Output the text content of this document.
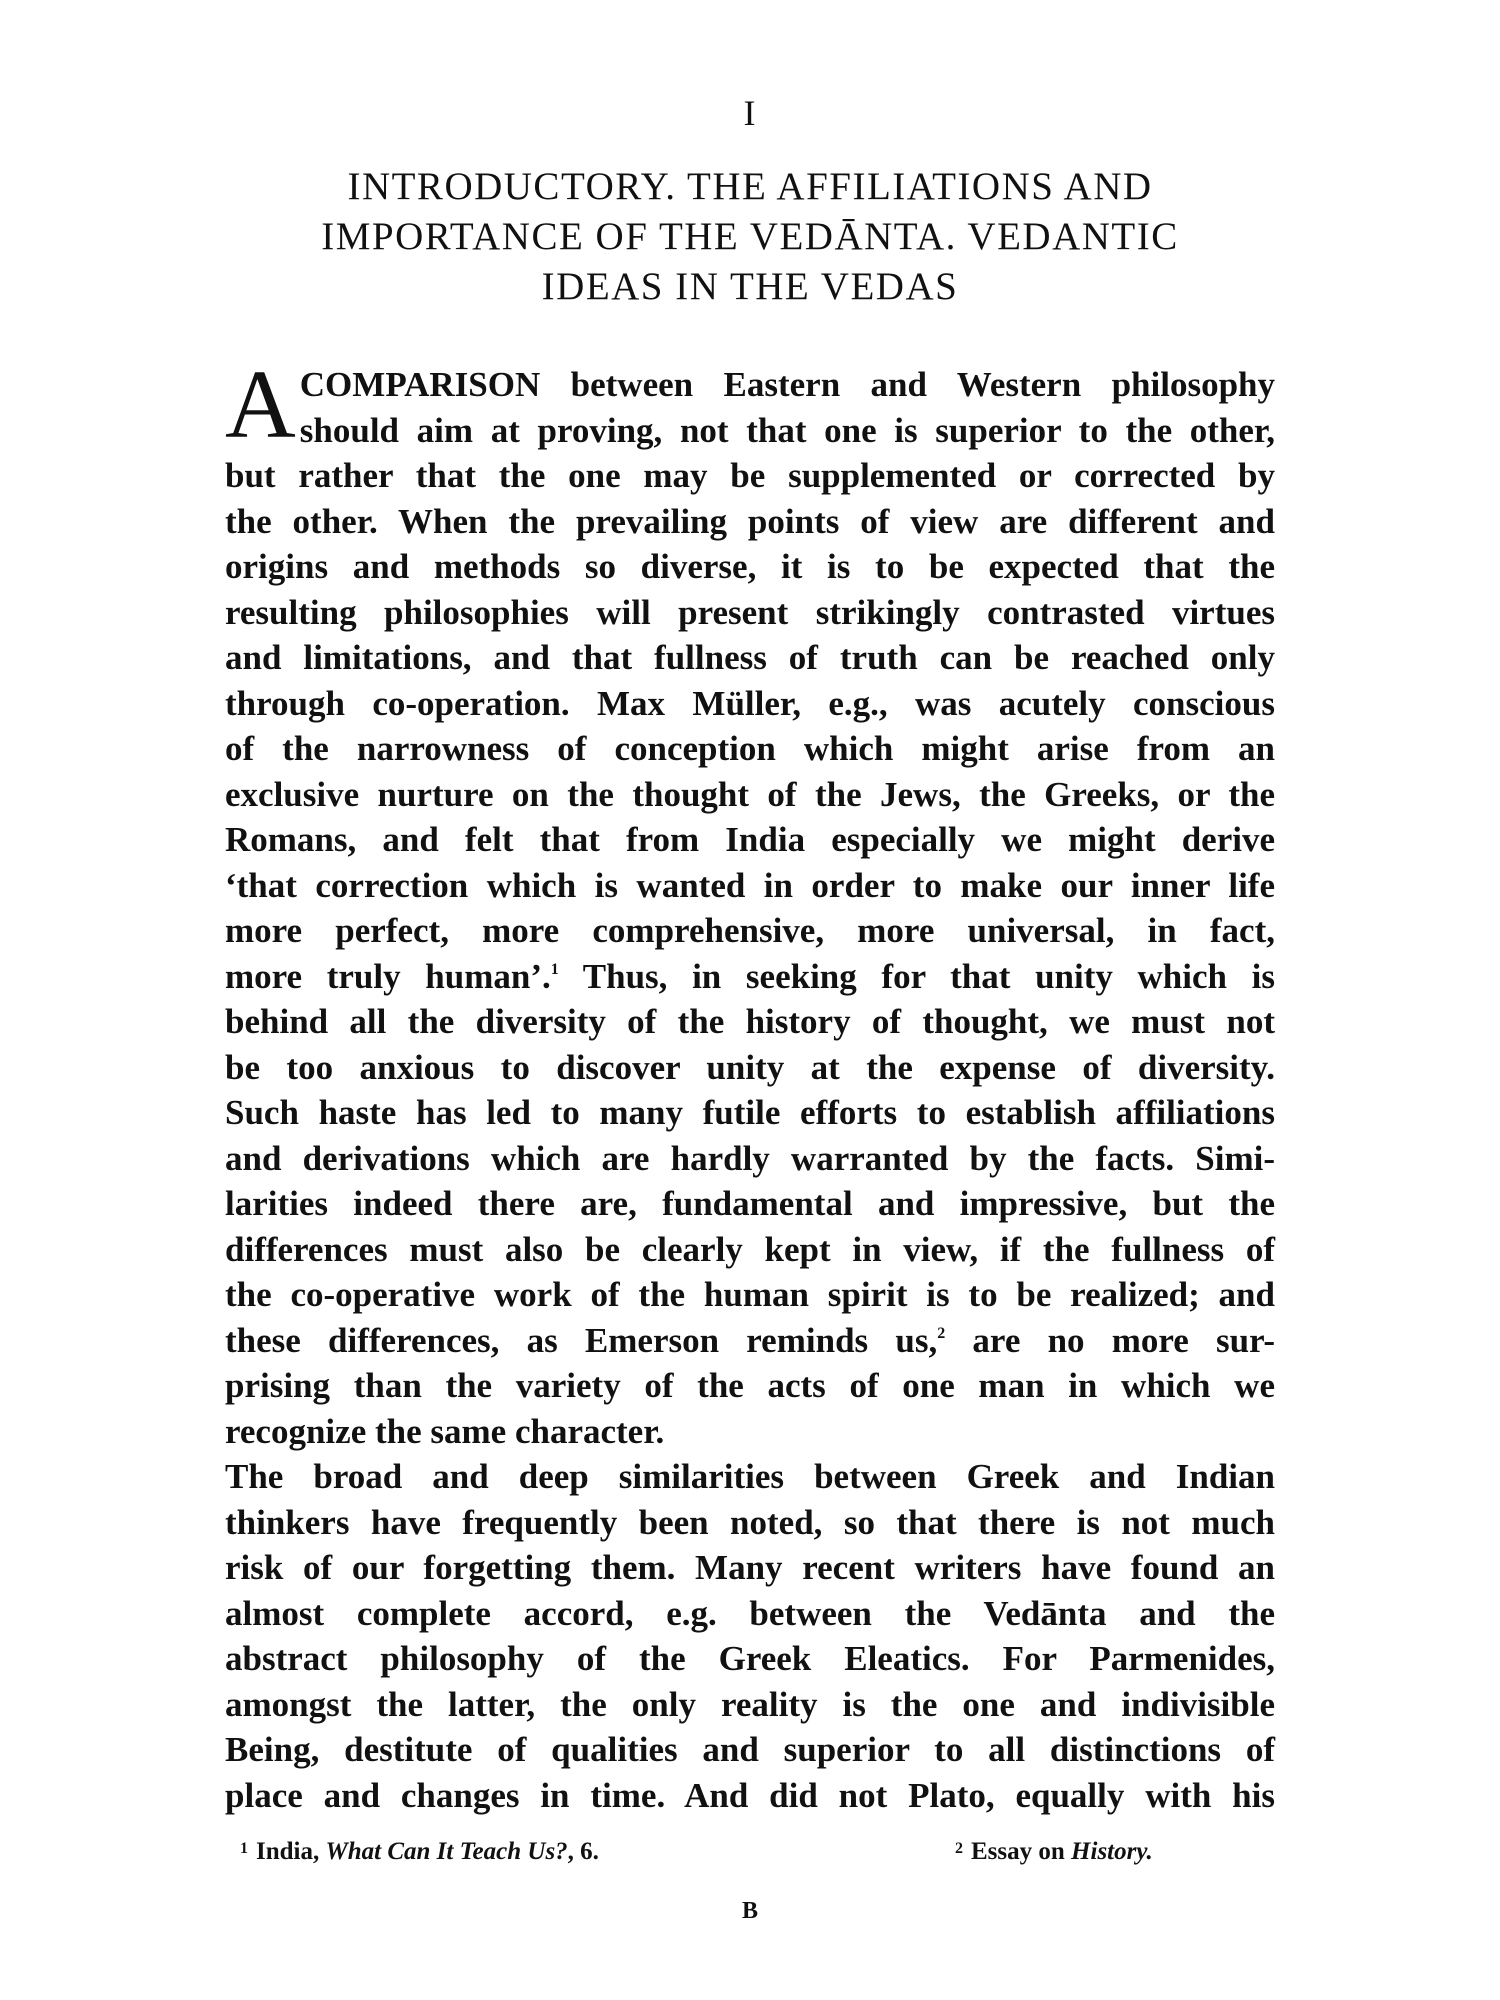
I
INTRODUCTORY. THE AFFILIATIONS AND
IMPORTANCE OF THE VEDĀNTA. VEDANTIC
IDEAS IN THE VEDAS
A COMPARISON between Eastern and Western philosophy
should aim at proving, not that one is superior to the other,
but rather that the one may be supplemented or corrected by
the other. When the prevailing points of view are different and
origins and methods so diverse, it is to be expected that the
resulting philosophies will present strikingly contrasted virtues
and limitations, and that fullness of truth can be reached only
through co-operation. Max Müller, e.g., was acutely conscious
of the narrowness of conception which might arise from an
exclusive nurture on the thought of the Jews, the Greeks, or the
Romans, and felt that from India especially we might derive
‘that correction which is wanted in order to make our inner life
more perfect, more comprehensive, more universal, in fact,
more truly human’.$^1$ Thus, in seeking for that unity which is
behind all the diversity of the history of thought, we must not
be too anxious to discover unity at the expense of diversity.
Such haste has led to many futile efforts to establish affiliations
and derivations which are hardly warranted by the facts. Simi-
larities indeed there are, fundamental and impressive, but the
differences must also be clearly kept in view, if the fullness of
the co-operative work of the human spirit is to be realized; and
these differences, as Emerson reminds us,$^2$ are no more sur-
prising than the variety of the acts of one man in which we
recognize the same character.
The broad and deep similarities between Greek and Indian
thinkers have frequently been noted, so that there is not much
risk of our forgetting them. Many recent writers have found an
almost complete accord, e.g. between the Vedānta and the
abstract philosophy of the Greek Eleatics. For Parmenides,
amongst the latter, the only reality is the one and indivisible
Being, destitute of qualities and superior to all distinctions of
place and changes in time. And did not Plato, equally with his
$^1$ India, What Can It Teach Us?, 6.	$^2$ Essay on History.
B
